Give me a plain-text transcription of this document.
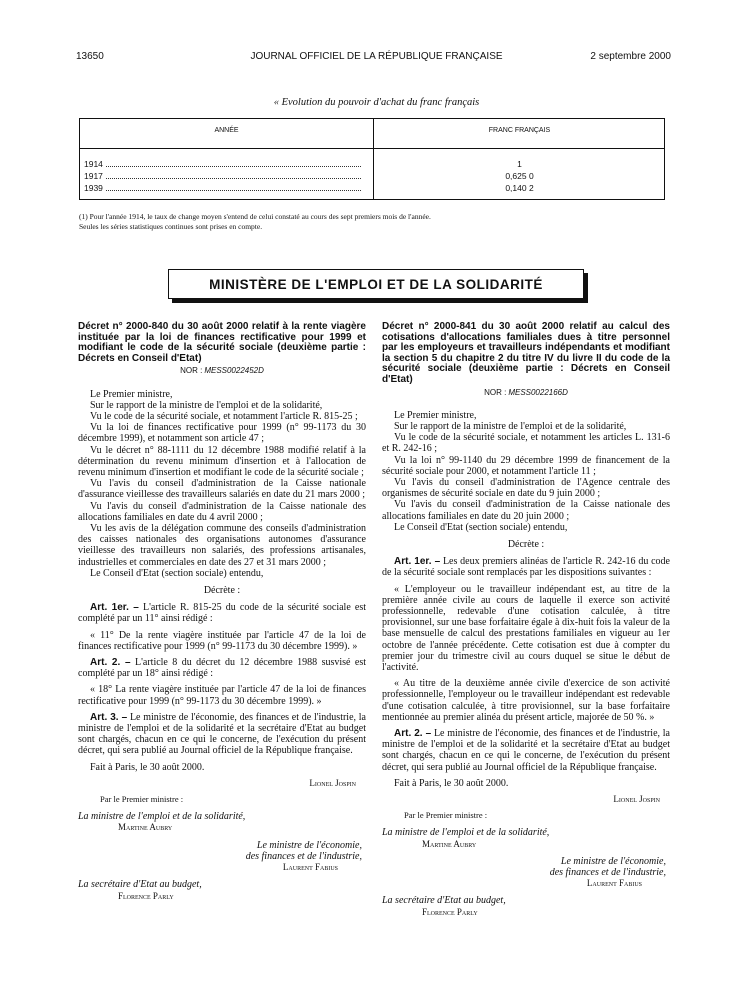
13650	JOURNAL OFFICIEL DE LA RÉPUBLIQUE FRANÇAISE	2 septembre 2000
« Evolution du pouvoir d'achat du franc français
ANNÉE	FRANC FRANÇAIS
1914	1
1917	0,625 0
1939	0,140 2
(1) Pour l'année 1914, le taux de change moyen s'entend de celui constaté au cours des sept premiers mois de l'année.
Seules les séries statistiques continues sont prises en compte.
MINISTÈRE DE L'EMPLOI ET DE LA SOLIDARITÉ

Décret n° 2000-840 du 30 août 2000 relatif à la rente viagère instituée par la loi de finances rectificative pour 1999 et modifiant le code de la sécurité sociale (deuxième partie : Décrets en Conseil d'Etat)

NOR : MESS0022452D

Le Premier ministre,

Sur le rapport de la ministre de l'emploi et de la solidarité,

Vu le code de la sécurité sociale, et notamment l'article R. 815-25 ;

Vu la loi de finances rectificative pour 1999 (n° 99-1173 du 30 décembre 1999), et notamment son article 47 ;

Vu le décret n° 88-1111 du 12 décembre 1988 modifié relatif à la détermination du revenu minimum d'insertion et à l'allocation de revenu minimum d'insertion et modifiant le code de la sécurité sociale ;

Vu l'avis du conseil d'administration de la Caisse nationale d'assurance vieillesse des travailleurs salariés en date du 21 mars 2000 ;

Vu l'avis du conseil d'administration de la Caisse nationale des allocations familiales en date du 4 avril 2000 ;

Vu les avis de la délégation commune des conseils d'administration des caisses nationales des organisations autonomes d'assurance vieillesse des travailleurs non salariés, des professions artisanales, industrielles et commerciales en date des 27 et 31 mars 2000 ;

Le Conseil d'Etat (section sociale) entendu,

Décrète :

Art. 1er. – L'article R. 815-25 du code de la sécurité sociale est complété par un 11° ainsi rédigé :

« 11° De la rente viagère instituée par l'article 47 de la loi de finances rectificative pour 1999 (n° 99-1173 du 30 décembre 1999). »

Art. 2. – L'article 8 du décret du 12 décembre 1988 susvisé est complété par un 18° ainsi rédigé :

« 18° La rente viagère instituée par l'article 47 de la loi de finances rectificative pour 1999 (n° 99-1173 du 30 décembre 1999). »

Art. 3. – Le ministre de l'économie, des finances et de l'industrie, la ministre de l'emploi et de la solidarité et la secrétaire d'Etat au budget sont chargés, chacun en ce qui le concerne, de l'exécution du présent décret, qui sera publié au Journal officiel de la République française.

Fait à Paris, le 30 août 2000.

Lionel Jospin

Par le Premier ministre :

La ministre de l'emploi et de la solidarité,

Martine Aubry

Le ministre de l'économie,
des finances et de l'industrie,

Laurent Fabius

La secrétaire d'Etat au budget,

Florence Parly

Décret n° 2000-841 du 30 août 2000 relatif au calcul des cotisations d'allocations familiales dues à titre personnel par les employeurs et travailleurs indépendants et modifiant la section 5 du chapitre 2 du titre IV du livre II du code de la sécurité sociale (deuxième partie : Décrets en Conseil d'Etat)

NOR : MESS0022166D

Le Premier ministre,

Sur le rapport de la ministre de l'emploi et de la solidarité,

Vu le code de la sécurité sociale, et notamment les articles L. 131-6 et R. 242-16 ;

Vu la loi n° 99-1140 du 29 décembre 1999 de financement de la sécurité sociale pour 2000, et notamment l'article 11 ;

Vu l'avis du conseil d'administration de l'Agence centrale des organismes de sécurité sociale en date du 9 juin 2000 ;

Vu l'avis du conseil d'administration de la Caisse nationale des allocations familiales en date du 20 juin 2000 ;

Le Conseil d'Etat (section sociale) entendu,

Décrète :

Art. 1er. – Les deux premiers alinéas de l'article R. 242-16 du code de la sécurité sociale sont remplacés par les dispositions suivantes :

« L'employeur ou le travailleur indépendant est, au titre de la première année civile au cours de laquelle il exerce son activité professionnelle, redevable d'une cotisation calculée, à titre provisionnel, sur une base forfaitaire égale à dix-huit fois la valeur de la base mensuelle de calcul des prestations familiales en vigueur au 1er octobre de l'année précédente. Cette cotisation est due à compter du premier jour du trimestre civil au cours duquel se situe le début de l'activité.

« Au titre de la deuxième année civile d'exercice de son activité professionnelle, l'employeur ou le travailleur indépendant est redevable d'une cotisation calculée, à titre provisionnel, sur la base forfaitaire mentionnée au premier alinéa du présent article, majorée de 50 %. »

Art. 2. – Le ministre de l'économie, des finances et de l'industrie, la ministre de l'emploi et de la solidarité et la secrétaire d'Etat au budget sont chargés, chacun en ce qui le concerne, de l'exécution du présent décret, qui sera publié au Journal officiel de la République française.

Fait à Paris, le 30 août 2000.

Lionel Jospin

Par le Premier ministre :

La ministre de l'emploi et de la solidarité,

Martine Aubry

Le ministre de l'économie,
des finances et de l'industrie,

Laurent Fabius

La secrétaire d'Etat au budget,

Florence Parly
